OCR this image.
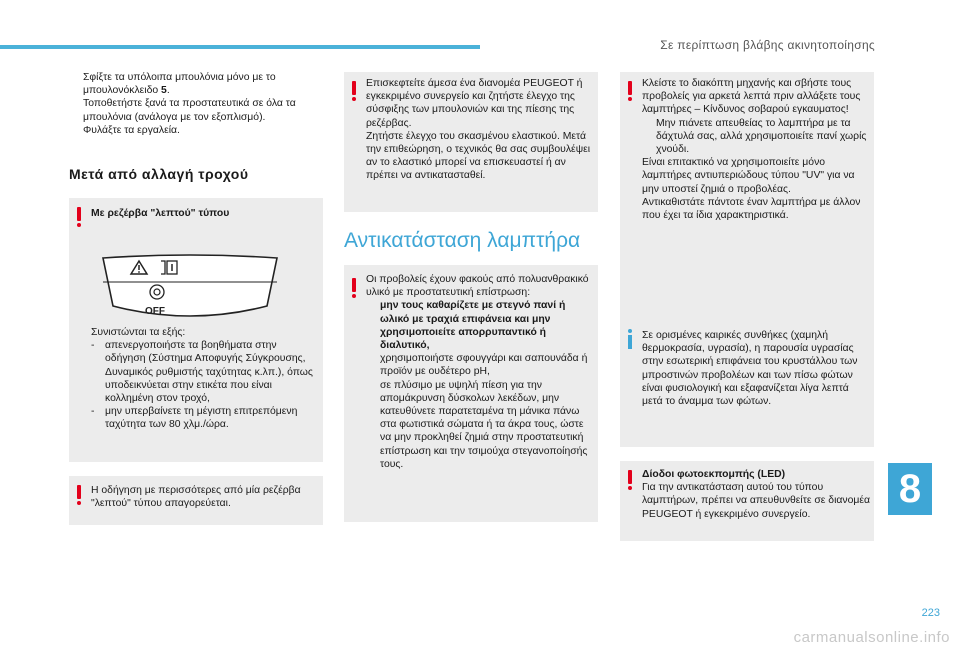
Σε περίπτωση βλάβης ακινητοποίησης
Σφίξτε τα υπόλοιπα μπουλόνια μόνο με το μπουλονόκλειδο 5.
Τοποθετήστε ξανά τα προστατευτικά σε όλα τα μπουλόνια (ανάλογα με τον εξοπλισμό).
Φυλάξτε τα εργαλεία.
Μετά από αλλαγή τροχού
Με ρεζέρβα "λεπτού" τύπου
OFF

Συνιστώνται τα εξής:

-	απενεργοποιήστε τα βοηθήματα στην οδήγηση (Σύστημα Αποφυγής Σύγκρουσης, Δυναμικός ρυθμιστής ταχύτητας κ.λπ.), όπως υποδεικνύεται στην ετικέτα που είναι κολλημένη στον τροχό,
-	μην υπερβαίνετε τη μέγιστη επιτρεπόμενη ταχύτητα των 80 χλμ./ώρα.
Η οδήγηση με περισσότερες από μία ρεζέρβα "λεπτού" τύπου απαγορεύεται.
Επισκεφτείτε άμεσα ένα διανομέα PEUGEOT ή εγκεκριμένο συνεργείο και ζητήστε έλεγχο της σύσφιξης των μπουλονιών και της πίεσης της ρεζέρβας.
Ζητήστε έλεγχο του σκασμένου ελαστικού. Μετά την επιθεώρηση, ο τεχνικός θα σας συμβουλέψει αν το ελαστικό μπορεί να επισκευαστεί ή αν πρέπει να αντικατασταθεί.
Αντικατάσταση λαμπτήρα

Οι προβολείς έχουν φακούς από πολυανθρακικό υλικό με προστατευτική επίστρωση:

μην τους καθαρίζετε με στεγνό πανί ή ωλικό με τραχιά επιφάνεια και μην χρησιμοποιείτε απορρυπαντικό ή διαλυτικό,
χρησιμοποιήστε σφουγγάρι και σαπουνάδα ή προϊόν με ουδέτερο pH,
σε πλύσιμο με υψηλή πίεση για την απομάκρυνση δύσκολων λεκέδων, μην κατευθύνετε παρατεταμένα τη μάνικα πάνω στα φωτιστικά σώματα ή τα άκρα τους, ώστε να μην προκληθεί ζημιά στην προστατευτική επίστρωση και την τσιμούχα στεγανοποίησής τους.

Κλείστε το διακόπτη μηχανής και σβήστε τους προβολείς για αρκετά λεπτά πριν αλλάξετε τους λαμπτήρες – Κίνδυνος σοβαρού εγκαυματος!

Μην πιάνετε απευθείας το λαμπτήρα με τα δάχτυλά σας, αλλά χρησιμοποιείτε πανί χωρίς χνούδι.

Είναι επιτακτικό να χρησιμοποιείτε μόνο λαμπτήρες αντιυπεριώδους τύπου "UV" για να μην υποστεί ζημιά ο προβολέας.
Αντικαθιστάτε πάντοτε έναν λαμπτήρα με άλλον που έχει τα ίδια χαρακτηριστικά.

Σε ορισμένες καιρικές συνθήκες (χαμηλή θερμοκρασία, υγρασία), η παρουσία υγρασίας στην εσωτερική επιφάνεια του κρυστάλλου των μπροστινών προβολέων και των πίσω φώτων είναι φυσιολογική και εξαφανίζεται λίγα λεπτά μετά το άναμμα των φώτων.

Δίοδοι φωτοεκπομπής (LED)

Για την αντικατάσταση αυτού του τύπου λαμπτήρων, πρέπει να απευθυνθείτε σε διανομέα PEUGEOT ή εγκεκριμένο συνεργείο.

8
223
carmanualsonline.info
